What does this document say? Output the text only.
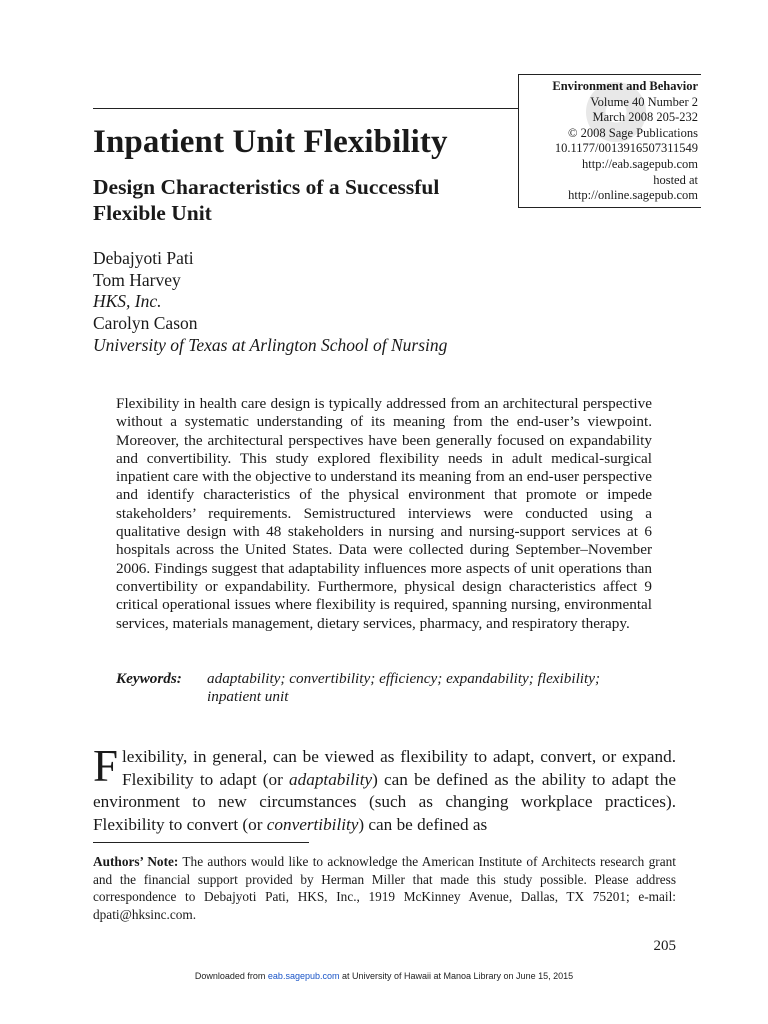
Environment and Behavior
Volume 40 Number 2
March 2008 205-232
© 2008 Sage Publications
10.1177/0013916507311549
http://eab.sagepub.com
hosted at
http://online.sagepub.com
Inpatient Unit Flexibility
Design Characteristics of a Successful Flexible Unit
Debajyoti Pati
Tom Harvey
HKS, Inc.
Carolyn Cason
University of Texas at Arlington School of Nursing
Flexibility in health care design is typically addressed from an architectural perspective without a systematic understanding of its meaning from the end-user’s viewpoint. Moreover, the architectural perspectives have been generally focused on expandability and convertibility. This study explored flexibility needs in adult medical-surgical inpatient care with the objective to understand its meaning from an end-user perspective and identify characteristics of the physical environment that promote or impede stakeholders’ requirements. Semistructured interviews were conducted using a qualitative design with 48 stakeholders in nursing and nursing-support services at 6 hospitals across the United States. Data were collected during September–November 2006. Findings suggest that adaptability influences more aspects of unit operations than convertibility or expandability. Furthermore, physical design characteristics affect 9 critical operational issues where flexibility is required, spanning nursing, environmental services, materials management, dietary services, pharmacy, and respiratory therapy.
Keywords: adaptability; convertibility; efficiency; expandability; flexibility; inpatient unit
Flexibility, in general, can be viewed as flexibility to adapt, convert, or expand. Flexibility to adapt (or adaptability) can be defined as the ability to adapt the environment to new circumstances (such as changing workplace practices). Flexibility to convert (or convertibility) can be defined as
Authors’ Note: The authors would like to acknowledge the American Institute of Architects research grant and the financial support provided by Herman Miller that made this study possible. Please address correspondence to Debajyoti Pati, HKS, Inc., 1919 McKinney Avenue, Dallas, TX 75201; e-mail: dpati@hksinc.com.
205
Downloaded from eab.sagepub.com at University of Hawaii at Manoa Library on June 15, 2015
